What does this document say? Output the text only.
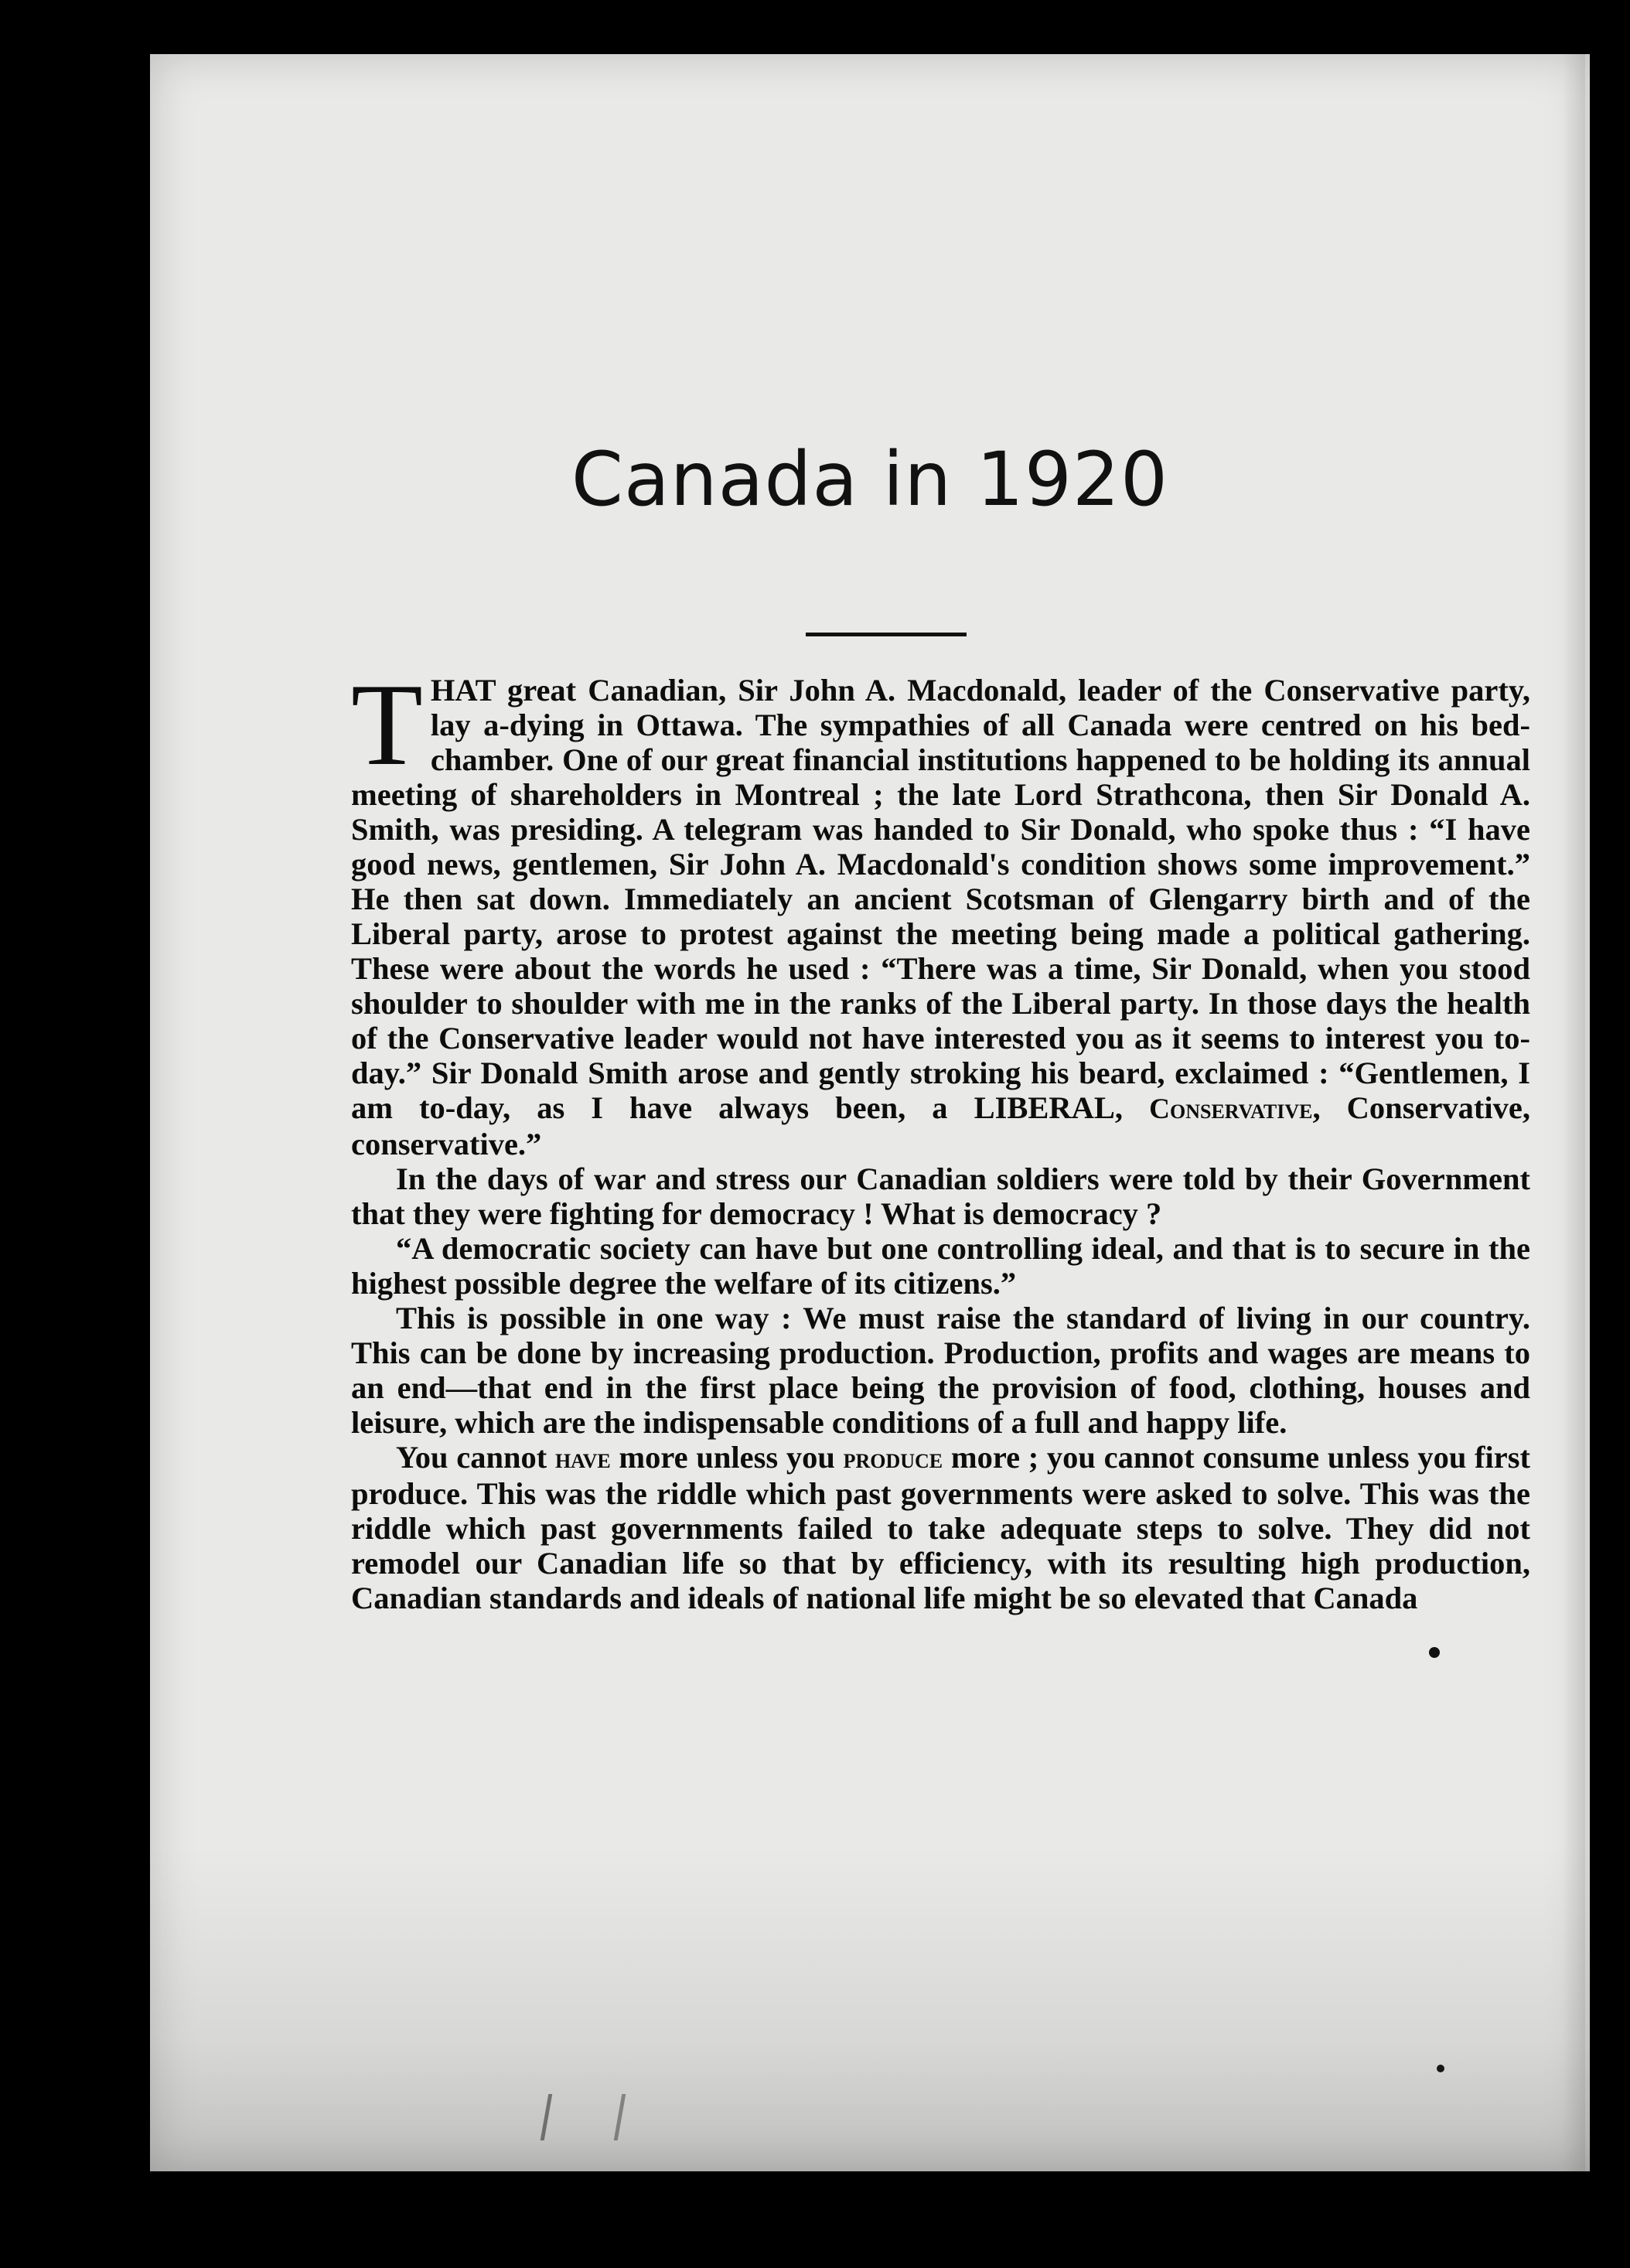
Canada in 1920

THAT great Canadian, Sir John A. Macdonald, leader of the Conservative party, lay a-dying in Ottawa. The sympathies of all Canada were centred on his bed-chamber. One of our great financial institutions happened to be holding its annual meeting of shareholders in Montreal ; the late Lord Strathcona, then Sir Donald A. Smith, was presiding. A telegram was handed to Sir Donald, who spoke thus : “I have good news, gentlemen, Sir John A. Macdonald's condition shows some improvement.” He then sat down. Immediately an ancient Scotsman of Glengarry birth and of the Liberal party, arose to protest against the meeting being made a political gathering. These were about the words he used : “There was a time, Sir Donald, when you stood shoulder to shoulder with me in the ranks of the Liberal party. In those days the health of the Conservative leader would not have interested you as it seems to interest you to-day.” Sir Donald Smith arose and gently stroking his beard, exclaimed : “Gentlemen, I am to-day, as I have always been, a LIBERAL, Conservative, Conservative, conservative.”

In the days of war and stress our Canadian soldiers were told by their Government that they were fighting for democracy ! What is democracy ?

“A democratic society can have but one controlling ideal, and that is to secure in the highest possible degree the welfare of its citizens.”

This is possible in one way : We must raise the standard of living in our country. This can be done by increasing production. Production, profits and wages are means to an end—that end in the first place being the provision of food, clothing, houses and leisure, which are the indispensable conditions of a full and happy life.

You cannot have more unless you produce more ; you cannot consume unless you first produce. This was the riddle which past governments were asked to solve. This was the riddle which past governments failed to take adequate steps to solve. They did not remodel our Canadian life so that by efficiency, with its resulting high production, Canadian standards and ideals of national life might be so elevated that Canada
